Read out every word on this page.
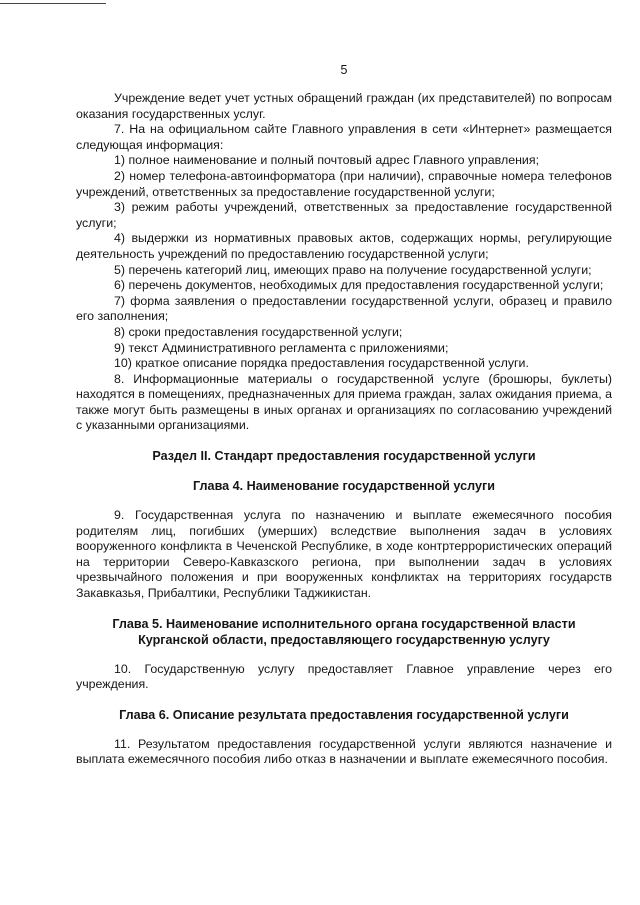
5

Учреждение ведет учет устных обращений граждан (их представителей) по вопросам оказания государственных услуг.

7. На на официальном сайте Главного управления в сети «Интернет» размещается следующая информация:

1) полное наименование и полный почтовый адрес Главного управления;

2) номер телефона-автоинформатора (при наличии), справочные номера телефонов учреждений, ответственных за предоставление государственной услуги;

3) режим работы учреждений, ответственных за предоставление государственной услуги;

4) выдержки из нормативных правовых актов, содержащих нормы, регулирующие деятельность учреждений по предоставлению государственной услуги;

5) перечень категорий лиц, имеющих право на получение государственной услуги;

6) перечень документов, необходимых для предоставления государственной услуги;

7) форма заявления о предоставлении государственной услуги, образец и правило его заполнения;

8) сроки предоставления государственной услуги;

9) текст Административного регламента с приложениями;

10) краткое описание порядка предоставления государственной услуги.

8. Информационные материалы о государственной услуге (брошюры, буклеты) находятся в помещениях, предназначенных для приема граждан, залах ожидания приема, а также могут быть размещены в иных органах и организациях по согласованию учреждений с указанными организациями.

Раздел II. Стандарт предоставления государственной услуги
Глава 4. Наименование государственной услуги

9. Государственная услуга по назначению и выплате ежемесячного пособия родителям лиц, погибших (умерших) вследствие выполнения задач в условиях вооруженного конфликта в Чеченской Республике, в ходе контртеррористических операций на территории Северо-Кавказского региона, при выполнении задач в условиях чрезвычайного положения и при вооруженных конфликтах на территориях государств Закавказья, Прибалтики, Республики Таджикистан.

Глава 5. Наименование исполнительного органа государственной власти
Курганской области, предоставляющего государственную услугу

10. Государственную услугу предоставляет Главное управление через его учреждения.

Глава 6. Описание результата предоставления государственной услуги

11. Результатом предоставления государственной услуги являются назначение и выплата ежемесячного пособия либо отказ в назначении и выплате ежемесячного пособия.
